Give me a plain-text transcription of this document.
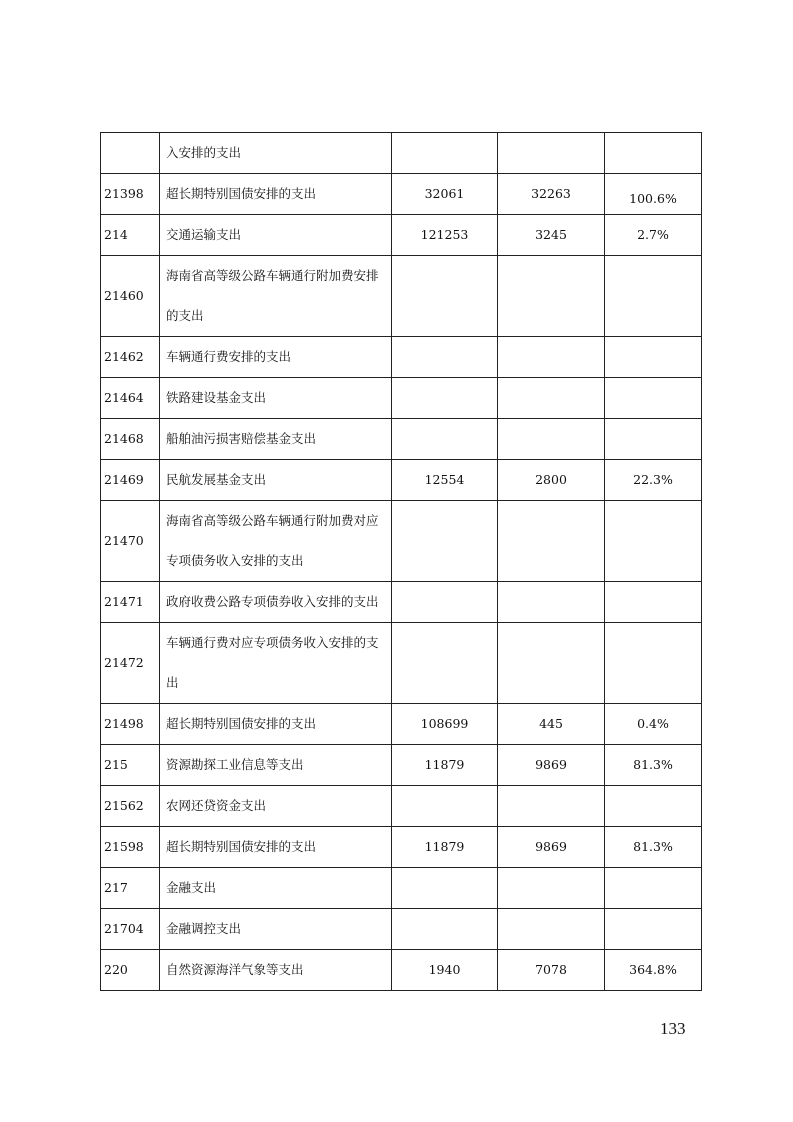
	入安排的支出			
21398	超长期特别国债安排的支出	32061	32263	100.6%
214	交通运输支出	121253	3245	2.7%
21460	海南省高等级公路车辆通行附加费安排的支出			
21462	车辆通行费安排的支出			
21464	铁路建设基金支出			
21468	船舶油污损害赔偿基金支出			
21469	民航发展基金支出	12554	2800	22.3%
21470	海南省高等级公路车辆通行附加费对应专项债务收入安排的支出			
21471	政府收费公路专项债券收入安排的支出			
21472	车辆通行费对应专项债务收入安排的支出			
21498	超长期特别国债安排的支出	108699	445	0.4%
215	资源勘探工业信息等支出	11879	9869	81.3%
21562	农网还贷资金支出			
21598	超长期特别国债安排的支出	11879	9869	81.3%
217	金融支出			
21704	金融调控支出			
220	自然资源海洋气象等支出	1940	7078	364.8%
133
